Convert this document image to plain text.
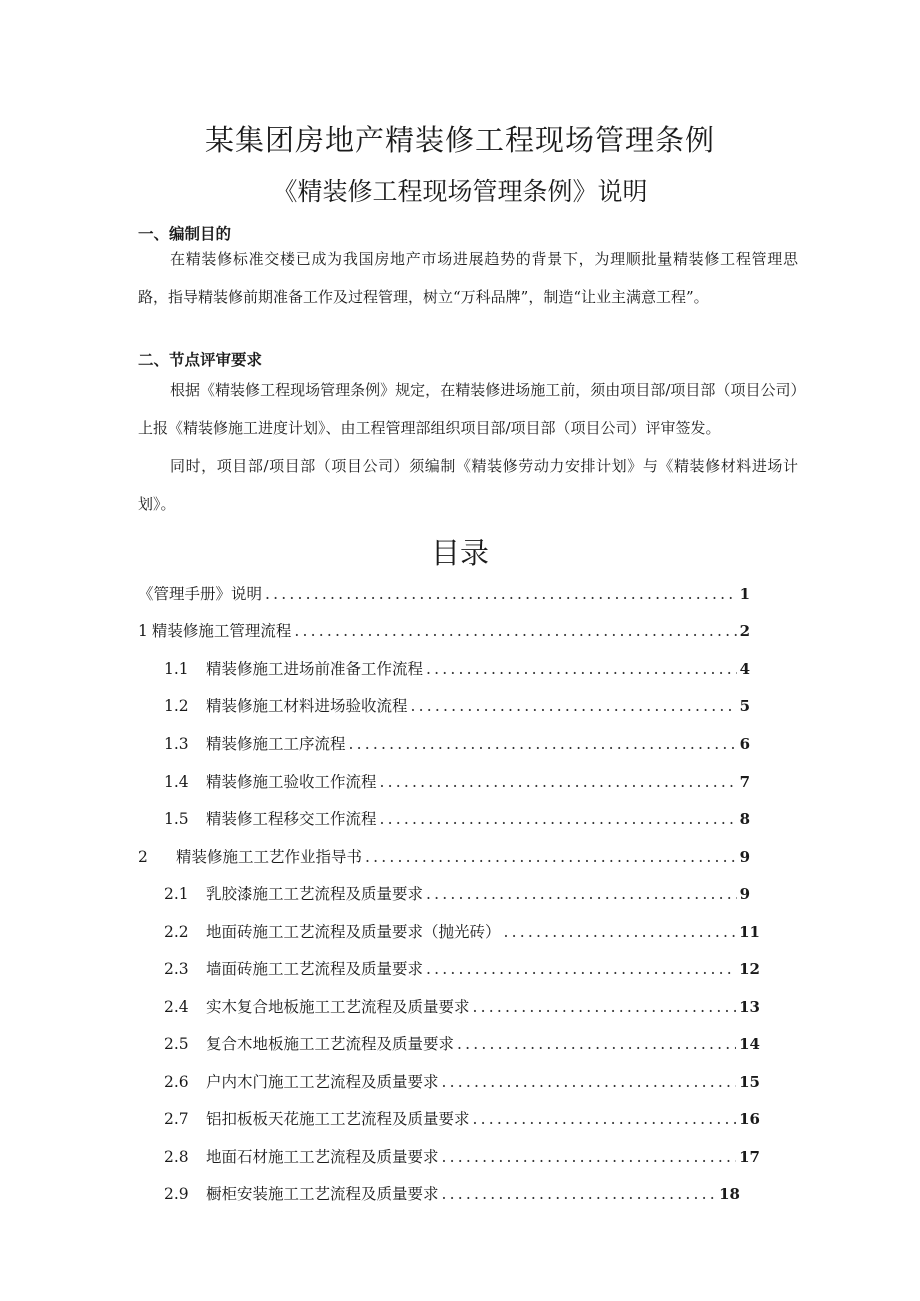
某集团房地产精装修工程现场管理条例
《精装修工程现场管理条例》说明
一、编制目的

在精装修标准交楼已成为我国房地产市场进展趋势的背景下，为理顺批量精装修工程管理思路，指导精装修前期准备工作及过程管理，树立“万科品牌”，制造“让业主满意工程”。

二、节点评审要求

根据《精装修工程现场管理条例》规定，在精装修进场施工前，须由项目部/项目部（项目公司）上报《精装修施工进度计划》、由工程管理部组织项目部/项目部（项目公司）评审签发。

同时，项目部/项目部（项目公司）须编制《精装修劳动力安排计划》与《精装修材料进场计划》。

目录
《管理手册》说明 .....	1
1 精装修施工管理流程 .....	2
1.1	精装修施工进场前准备工作流程 .....	4
1.2	精装修施工材料进场验收流程 .....	5
1.3	精装修施工工序流程 .....	6
1.4	精装修施工验收工作流程 .....	7
1.5	精装修工程移交工作流程 .....	8
2	精装修施工工艺作业指导书 .....	9
2.1	乳胶漆施工工艺流程及质量要求 .....	9
2.2	地面砖施工工艺流程及质量要求（抛光砖） .....	11
2.3	墙面砖施工工艺流程及质量要求 .....	12
2.4	实木复合地板施工工艺流程及质量要求 .....	13
2.5	复合木地板施工工艺流程及质量要求 .....	14
2.6	户内木门施工工艺流程及质量要求 .....	15
2.7	铝扣板板天花施工工艺流程及质量要求 .....	16
2.8	地面石材施工工艺流程及质量要求 .....	17
2.9	橱柜安装施工工艺流程及质量要求 .....	18
